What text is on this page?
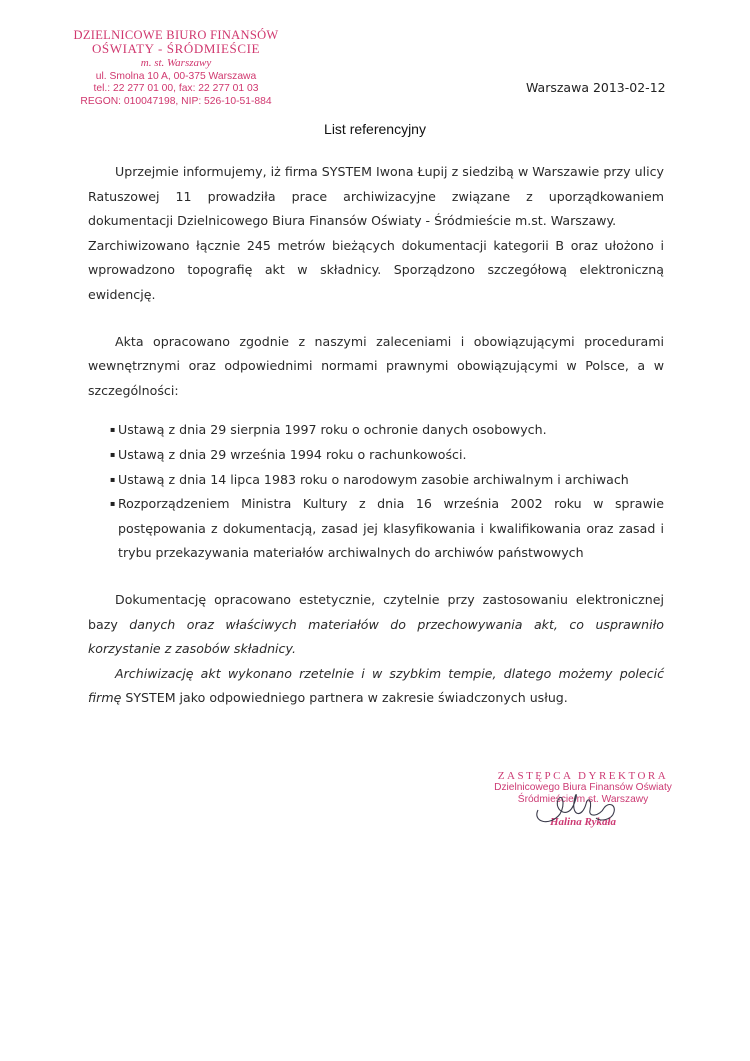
DZIELNICOWE BIURO FINANSÓW
OŚWIATY - ŚRÓDMIEŚCIE
m. st. Warszawy
ul. Smolna 10 A, 00-375 Warszawa
tel.: 22 277 01 00, fax: 22 277 01 03
REGON: 010047198, NIP: 526-10-51-884
Warszawa 2013-02-12
List referencyjny

Uprzejmie informujemy, iż firma SYSTEM Iwona Łupij z siedzibą w Warszawie przy ulicy Ratuszowej 11 prowadziła prace archiwizacyjne związane z uporządkowaniem dokumentacji Dzielnicowego Biura Finansów Oświaty - Śródmieście m.st. Warszawy.

Zarchiwizowano łącznie 245 metrów bieżących dokumentacji kategorii B oraz ułożono i wprowadzono topografię akt w składnicy. Sporządzono szczegółową elektroniczną ewidencję.

Akta opracowano zgodnie z naszymi zaleceniami i obowiązującymi procedurami wewnętrznymi oraz odpowiednimi normami prawnymi obowiązującymi w Polsce, a w szczególności:

▪ Ustawą z dnia 29 sierpnia 1997 roku o ochronie danych osobowych.
▪ Ustawą z dnia 29 września 1994 roku o rachunkowości.
▪ Ustawą z dnia 14 lipca 1983 roku o narodowym zasobie archiwalnym i archiwach
▪ Rozporządzeniem Ministra Kultury z dnia 16 września 2002 roku w sprawie postępowania z dokumentacją, zasad jej klasyfikowania i kwalifikowania oraz zasad i trybu przekazywania materiałów archiwalnych do archiwów państwowych

Dokumentację opracowano estetycznie, czytelnie przy zastosowaniu elektronicznej bazy danych oraz właściwych materiałów do przechowywania akt, co usprawniło korzystanie z zasobów składnicy.

Archiwizację akt wykonano rzetelnie i w szybkim tempie, dlatego możemy polecić firmę SYSTEM jako odpowiedniego partnera w zakresie świadczonych usług.

ZASTĘPCA DYREKTORA
Dzielnicowego Biura Finansów Oświaty
Śródmieście m.st. Warszawy
Halina Rykała
